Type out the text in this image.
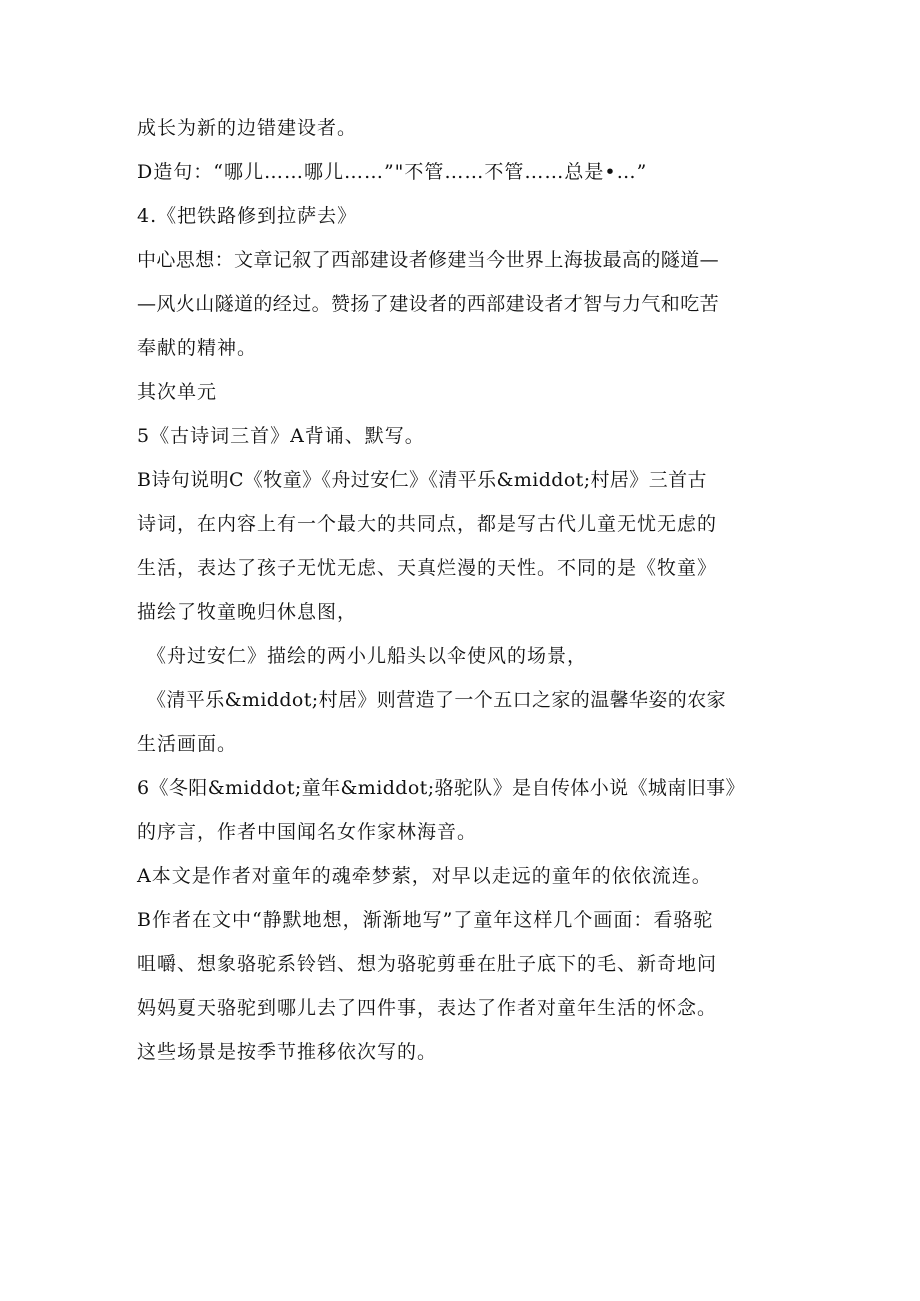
成长为新的边错建设者。
D造句：“哪儿……哪儿……”"不管……不管……总是•…”
4.《把铁路修到拉萨去》
中心思想：文章记叙了西部建设者修建当今世界上海拔最高的隧道—
—风火山隧道的经过。赞扬了建设者的西部建设者才智与力气和吃苦
奉献的精神。
其次单元
5《古诗词三首》A背诵、默写。
B诗句说明C《牧童》《舟过安仁》《清平乐&middot;村居》三首古
诗词，在内容上有一个最大的共同点，都是写古代儿童无忧无虑的
生活，表达了孩子无忧无虑、天真烂漫的天性。不同的是《牧童》
描绘了牧童晚归休息图，
《舟过安仁》描绘的两小儿船头以伞使风的场景，
《清平乐&middot;村居》则营造了一个五口之家的温馨华姿的农家
生活画面。
6《冬阳&middot;童年&middot;骆驼队》是自传体小说《城南旧事》
的序言，作者中国闻名女作家林海音。
A本文是作者对童年的魂牵梦萦，对早以走远的童年的依依流连。
B作者在文中“静默地想，渐渐地写”了童年这样几个画面：看骆驼
咀嚼、想象骆驼系铃铛、想为骆驼剪垂在肚子底下的毛、新奇地问
妈妈夏天骆驼到哪儿去了四件事，表达了作者对童年生活的怀念。
这些场景是按季节推移依次写的。
